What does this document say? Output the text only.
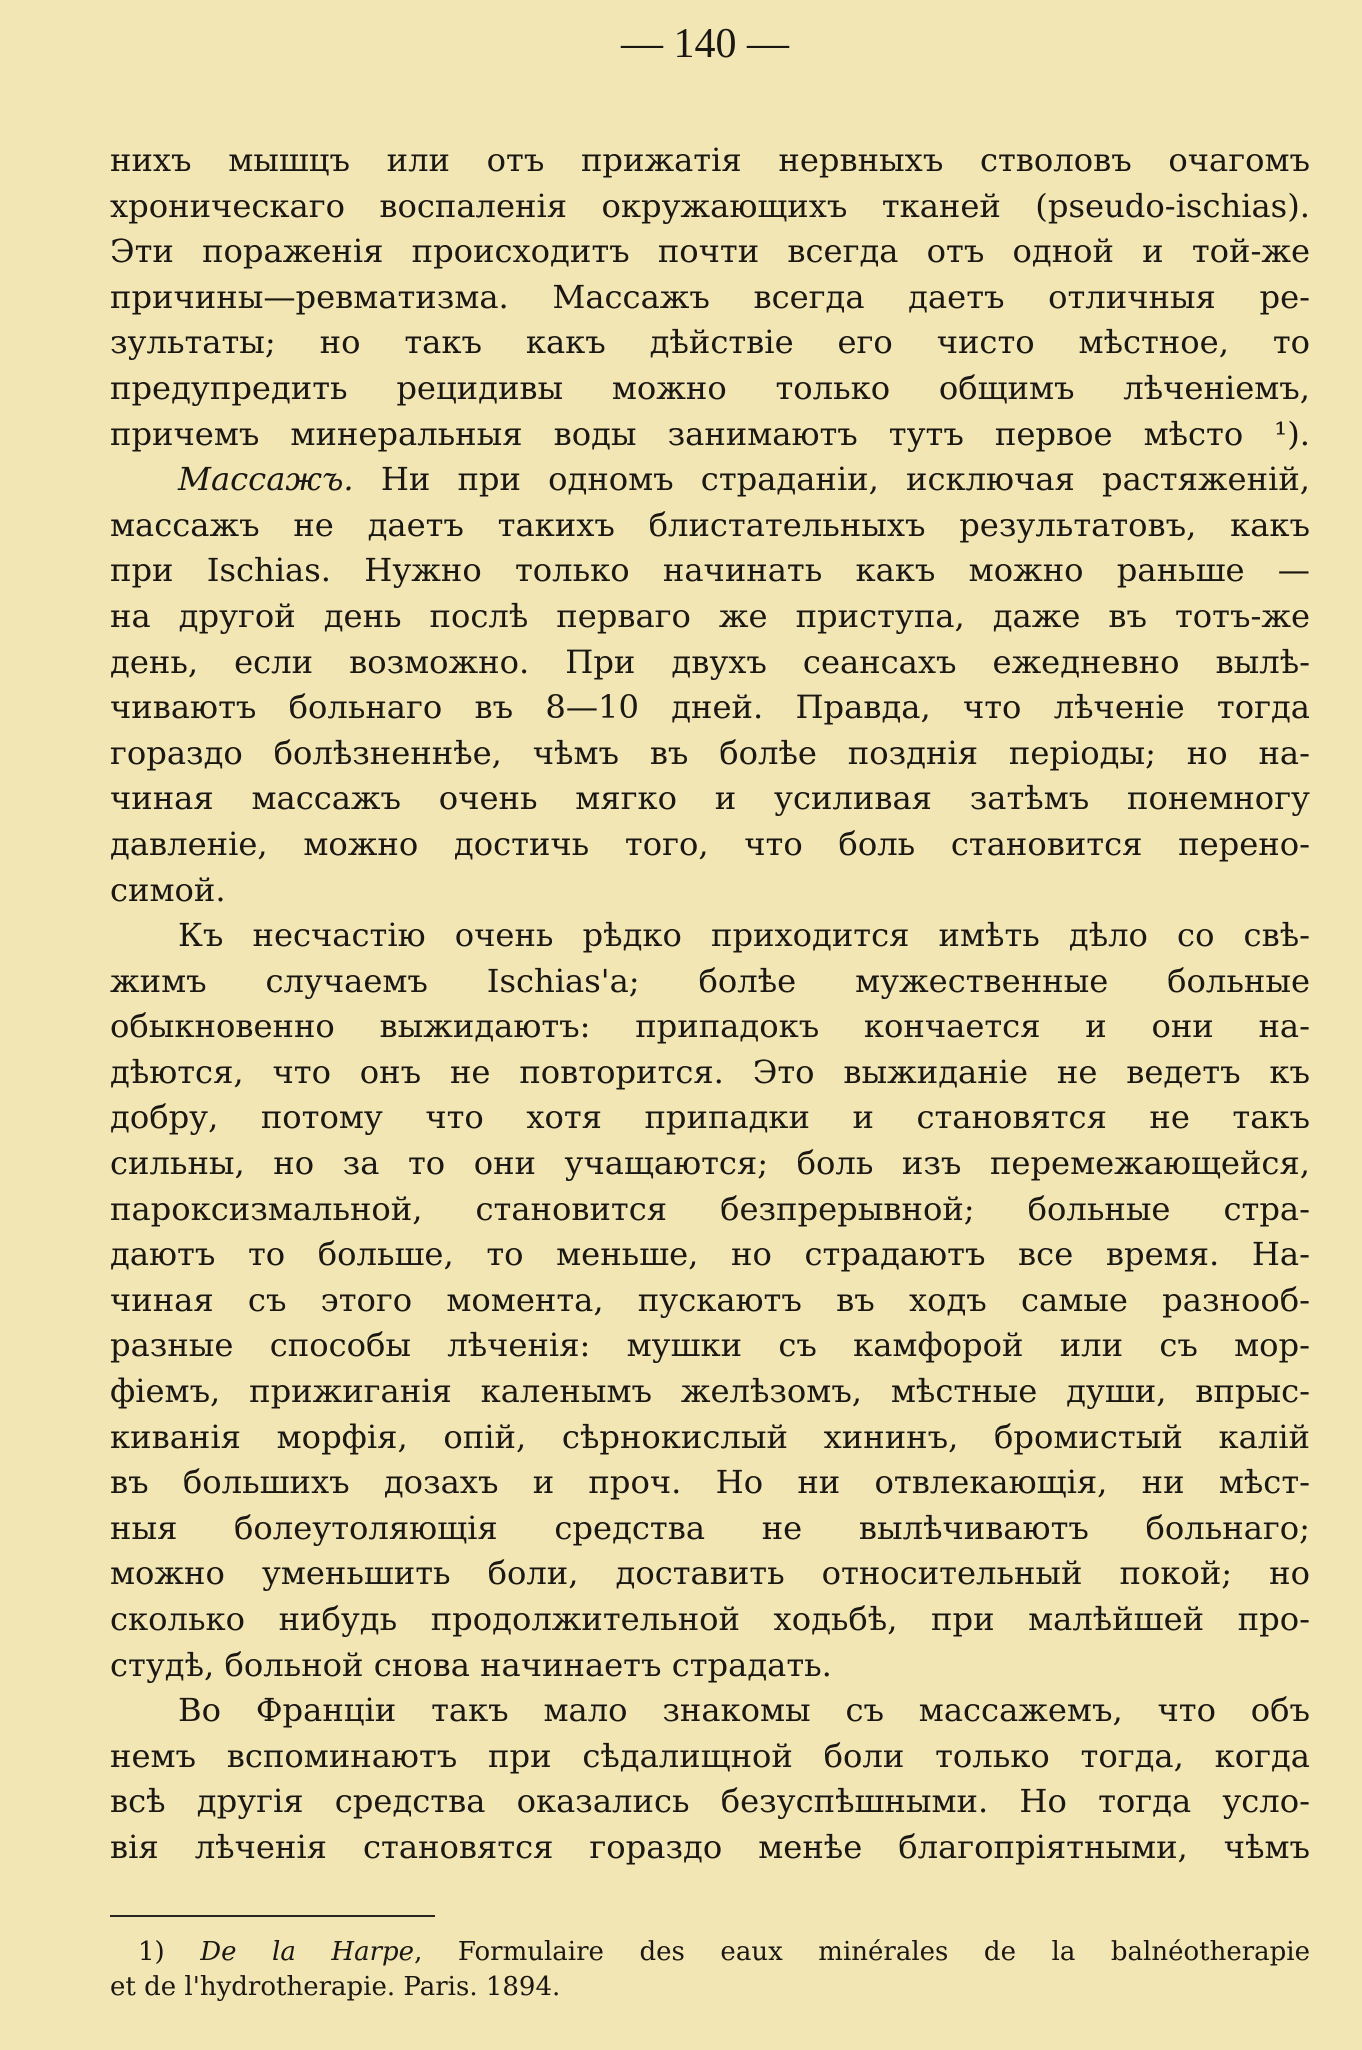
— 140 —
нихъ мышцъ или отъ прижатія нервныхъ стволовъ очагомъ
хроническаго воспаленія окружающихъ тканей (pseudo-ischias).
Эти пораженія происходитъ почти всегда отъ одной и той-же
причины—ревматизма. Массажъ всегда даетъ отличныя ре-
зультаты; но такъ какъ дѣйствіе его чисто мѣстное, то
предупредить рецидивы можно только общимъ лѣченіемъ,
причемъ минеральныя воды занимаютъ тутъ первое мѣсто ¹).
Массажъ. Ни при одномъ страданіи, исключая растяженій,
массажъ не даетъ такихъ блистательныхъ результатовъ, какъ
при Ischias. Нужно только начинать какъ можно раньше —
на другой день послѣ перваго же приступа, даже въ тотъ-же
день, если возможно. При двухъ сеансахъ ежедневно вылѣ-
чиваютъ больнаго въ 8—10 дней. Правда, что лѣченіе тогда
гораздо болѣзненнѣе, чѣмъ въ болѣе позднія періоды; но на-
чиная массажъ очень мягко и усиливая затѣмъ понемногу
давленіе, можно достичь того, что боль становится перено-
симой.
Къ несчастію очень рѣдко приходится имѣть дѣло со свѣ-
жимъ случаемъ Ischias'a; болѣе мужественные больные
обыкновенно выжидаютъ: припадокъ кончается и они на-
дѣются, что онъ не повторится. Это выжиданіе не ведетъ къ
добру, потому что хотя припадки и становятся не такъ
сильны, но за то они учащаются; боль изъ перемежающейся,
пароксизмальной, становится безпрерывной; больные стра-
даютъ то больше, то меньше, но страдаютъ все время. На-
чиная съ этого момента, пускаютъ въ ходъ самые разнооб-
разные способы лѣченія: мушки съ камфорой или съ мор-
фіемъ, прижиганія каленымъ желѣзомъ, мѣстные души, впрыс-
киванія морфія, опій, сѣрнокислый хининъ, бромистый калій
въ большихъ дозахъ и проч. Но ни отвлекающія, ни мѣст-
ныя болеутоляющія средства не вылѣчиваютъ больнаго;
можно уменьшить боли, доставить относительный покой; но
сколько нибудь продолжительной ходьбѣ, при малѣйшей про-
студѣ, больной снова начинаетъ страдать.
Во Франціи такъ мало знакомы съ массажемъ, что объ
немъ вспоминаютъ при сѣдалищной боли только тогда, когда
всѣ другія средства оказались безуспѣшными. Но тогда усло-
вія лѣченія становятся гораздо менѣе благопріятными, чѣмъ
1) De la Harpe, Formulaire des eaux minérales de la balnéotherapie
et de l'hydrotherapie. Paris. 1894.
